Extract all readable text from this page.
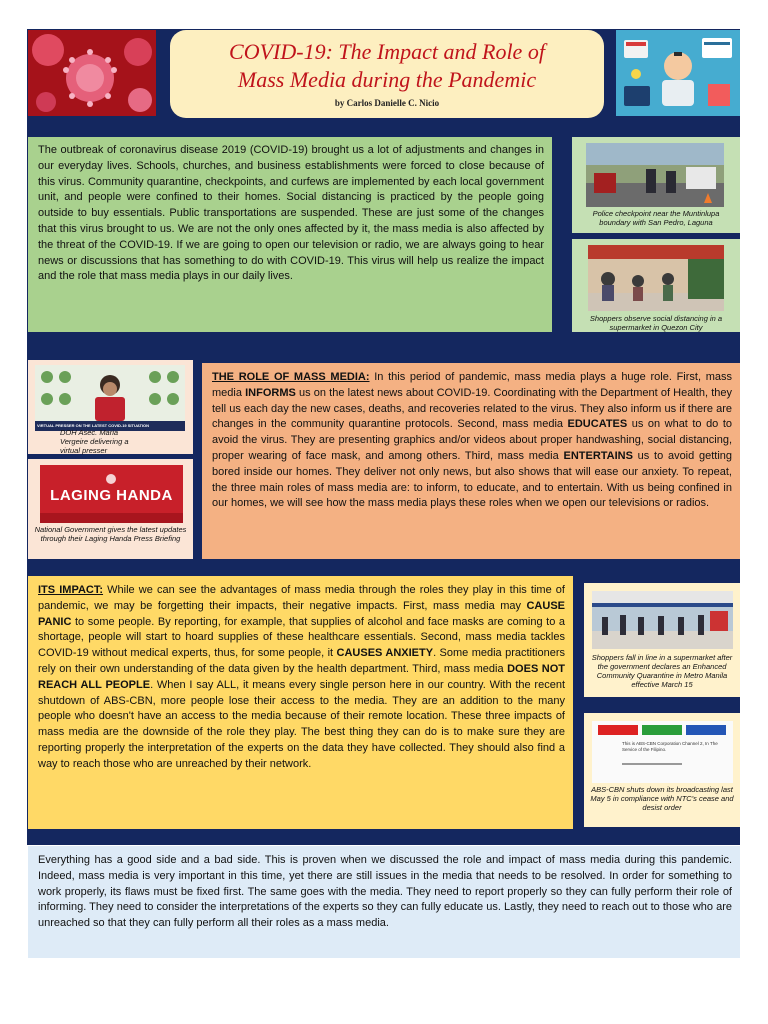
COVID-19: The Impact and Role of
Mass Media during the Pandemic
by Carlos Danielle C. Nicio
The outbreak of coronavirus disease 2019 (COVID-19) brought us a lot of adjustments and changes in our everyday lives. Schools, churches, and business establishments were forced to close because of this virus. Community quarantine, checkpoints, and curfews are implemented by each local government unit, and people were confined to their homes. Social distancing is practiced by the people going outside to buy essentials. Public transportations are suspended. These are just some of the changes that this virus brought to us. We are not the only ones affected by it, the mass media is also affected by the threat of the COVID-19. If we are going to open our television or radio, we are always going to hear news or discussions that has something to do with COVID-19. This virus will help us realize the impact and the role that mass media plays in our daily lives.
Police checkpoint near the Muntinlupa boundary with San Pedro, Laguna
Shoppers observe social distancing in a supermarket in Quezon City
VIRTUAL PRESSER ON THE LATEST COVID-19 SITUATION
DOH Asec. Maria Vergeire delivering a virtual presser
LAGING HANDA
National Government gives the latest updates through their Laging Handa Press Briefing
THE ROLE OF MASS MEDIA: In this period of pandemic, mass media plays a huge role. First, mass media INFORMS us on the latest news about COVID-19. Coordinating with the Department of Health, they tell us each day the new cases, deaths, and recoveries related to the virus. They also inform us if there are changes in the community quarantine protocols. Second, mass media EDUCATES us on what to do to avoid the virus. They are presenting graphics and/or videos about proper handwashing, social distancing, proper wearing of face mask, and among others. Third, mass media ENTERTAINS us to avoid getting bored inside our homes. They deliver not only news, but also shows that will ease our anxiety. To repeat, the three main roles of mass media are: to inform, to educate, and to entertain. With us being confined in our homes, we will see how the mass media plays these roles when we open our televisions or radios.
ITS IMPACT: While we can see the advantages of mass media through the roles they play in this time of pandemic, we may be forgetting their impacts, their negative impacts. First, mass media may CAUSE PANIC to some people. By reporting, for example, that supplies of alcohol and face masks are coming to a shortage, people will start to hoard supplies of these healthcare essentials. Second, mass media tackles COVID-19 without medical experts, thus, for some people, it CAUSES ANXIETY. Some media practitioners rely on their own understanding of the data given by the health department. Third, mass media DOES NOT REACH ALL PEOPLE. When I say ALL, it means every single person here in our country. With the recent shutdown of ABS-CBN, more people lose their access to the media. They are an addition to the many people who doesn't have an access to the media because of their remote location. These three impacts of mass media are the downside of the role they play. The best thing they can do is to make sure they are reporting properly the interpretation of the experts on the data they have collected. They should also find a way to reach those who are unreached by their network.
Shoppers fall in line in a supermarket after the government declares an Enhanced Community Quarantine in Metro Manila effective March 15
This is ABS-CBN Corporation Channel 2, In The Service of the Filipino.
ABS-CBN shuts down its broadcasting last May 5 in compliance with NTC's cease and desist order
Everything has a good side and a bad side. This is proven when we discussed the role and impact of mass media during this pandemic. Indeed, mass media is very important in this time, yet there are still issues in the media that needs to be resolved. In order for something to work properly, its flaws must be fixed first. The same goes with the media. They need to report properly so they can fully perform their role of informing. They need to consider the interpretations of the experts so they can fully educate us. Lastly, they need to reach out to those who are unreached so that they can fully perform all their roles as a mass media.
